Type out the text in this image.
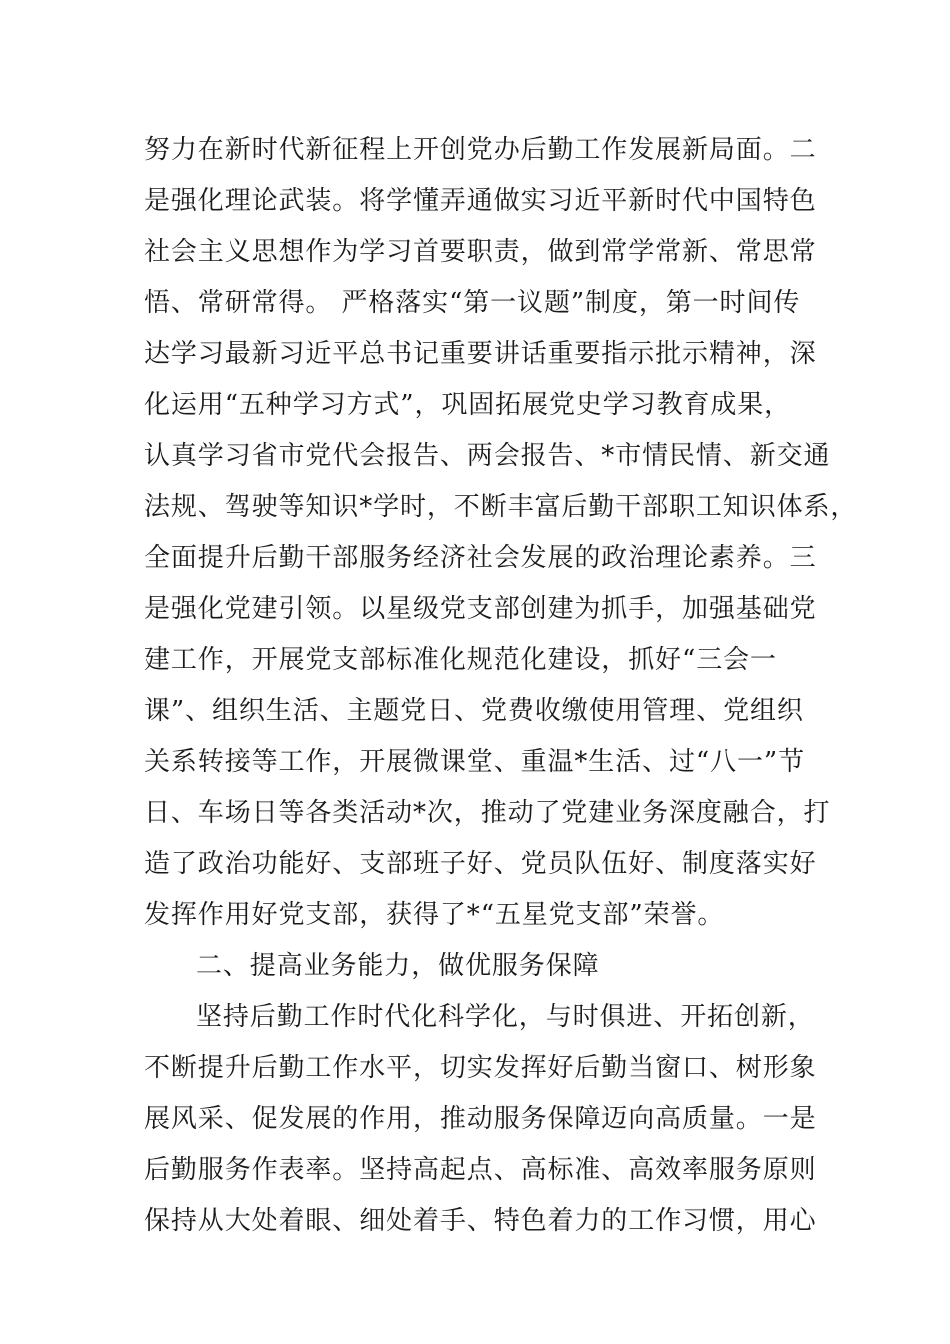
努力在新时代新征程上开创党办后勤工作发展新局面。二
是强化理论武装。将学懂弄通做实习近平新时代中国特色
社会主义思想作为学习首要职责，做到常学常新、常思常
悟、常研常得。 严格落实“第一议题”制度，第一时间传
达学习最新习近平总书记重要讲话重要指示批示精神，深
化运用“五种学习方式”，巩固拓展党史学习教育成果，
认真学习省市党代会报告、两会报告、*市情民情、新交通
法规、驾驶等知识*学时，不断丰富后勤干部职工知识体系，
全面提升后勤干部服务经济社会发展的政治理论素养。三
是强化党建引领。以星级党支部创建为抓手，加强基础党
建工作，开展党支部标准化规范化建设，抓好“三会一
课”、组织生活、主题党日、党费收缴使用管理、党组织
关系转接等工作，开展微课堂、重温*生活、过“八一”节
日、车场日等各类活动*次，推动了党建业务深度融合，打
造了政治功能好、支部班子好、党员队伍好、制度落实好
发挥作用好党支部，获得了*“五星党支部”荣誉。
二、提高业务能力，做优服务保障
坚持后勤工作时代化科学化，与时俱进、开拓创新，
不断提升后勤工作水平，切实发挥好后勤当窗口、树形象
展风采、促发展的作用，推动服务保障迈向高质量。一是
后勤服务作表率。坚持高起点、高标准、高效率服务原则
保持从大处着眼、细处着手、特色着力的工作习惯，用心
